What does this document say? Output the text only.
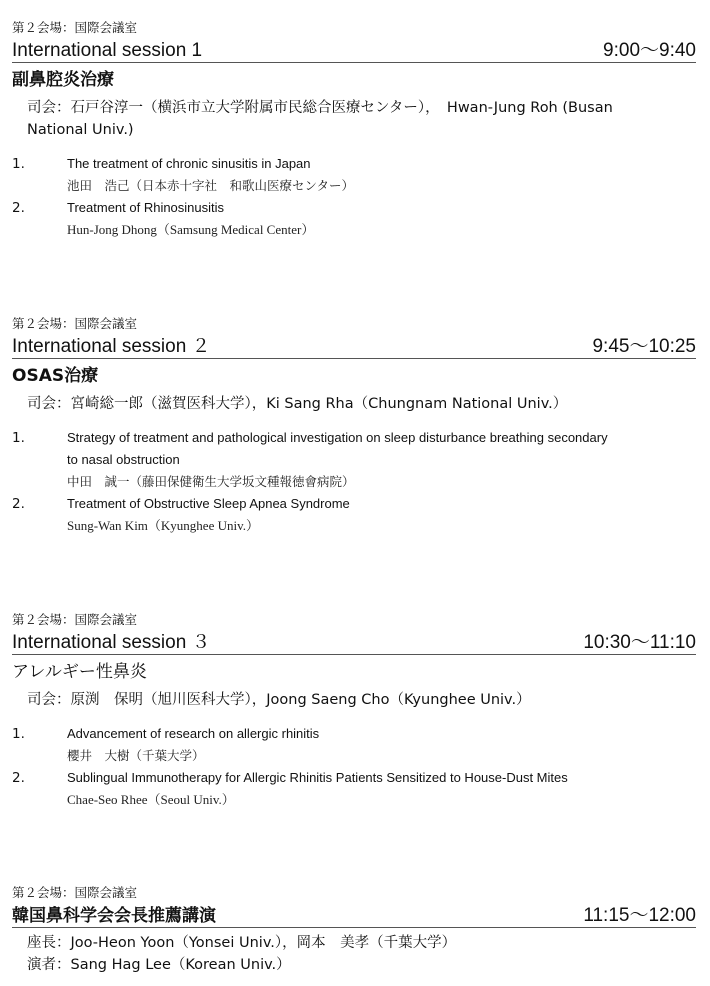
第２会場：国際会議室
International session 1	9:00〜9:40
副鼻腔炎治療
司会：石戸谷淳一（横浜市立大学附属市民総合医療センター），　Hwan-Jung Roh (Busan
National Univ.)
1.	The treatment of chronic sinusitis in Japan
池田　浩己（日本赤十字社　和歌山医療センター）
2.	Treatment of Rhinosinusitis
Hun-Jong Dhong（Samsung Medical Center）
第２会場：国際会議室
International session ２	9:45〜10:25
OSAS治療
司会：宮崎総一郎（滋賀医科大学），Ki Sang Rha（Chungnam National Univ.）
1.	Strategy of treatment and pathological investigation on sleep disturbance breathing secondary
to nasal obstruction
中田　誠一（藤田保健衛生大学坂文種報徳會病院）
2.	Treatment of Obstructive Sleep Apnea Syndrome
Sung-Wan Kim（Kyunghee Univ.）
第２会場：国際会議室
International session ３	10:30〜11:10
アレルギー性鼻炎
司会：原渕　保明（旭川医科大学），Joong Saeng Cho（Kyunghee Univ.）
1.	Advancement of research on allergic rhinitis
櫻井　大樹（千葉大学）
2.	Sublingual Immunotherapy for Allergic Rhinitis Patients Sensitized to House-Dust Mites
Chae-Seo Rhee（Seoul Univ.）
第２会場：国際会議室
韓国鼻科学会会長推薦講演	11:15〜12:00
座長：Joo-Heon Yoon（Yonsei Univ.），岡本　美孝（千葉大学）
演者：Sang Hag Lee（Korean Univ.）
